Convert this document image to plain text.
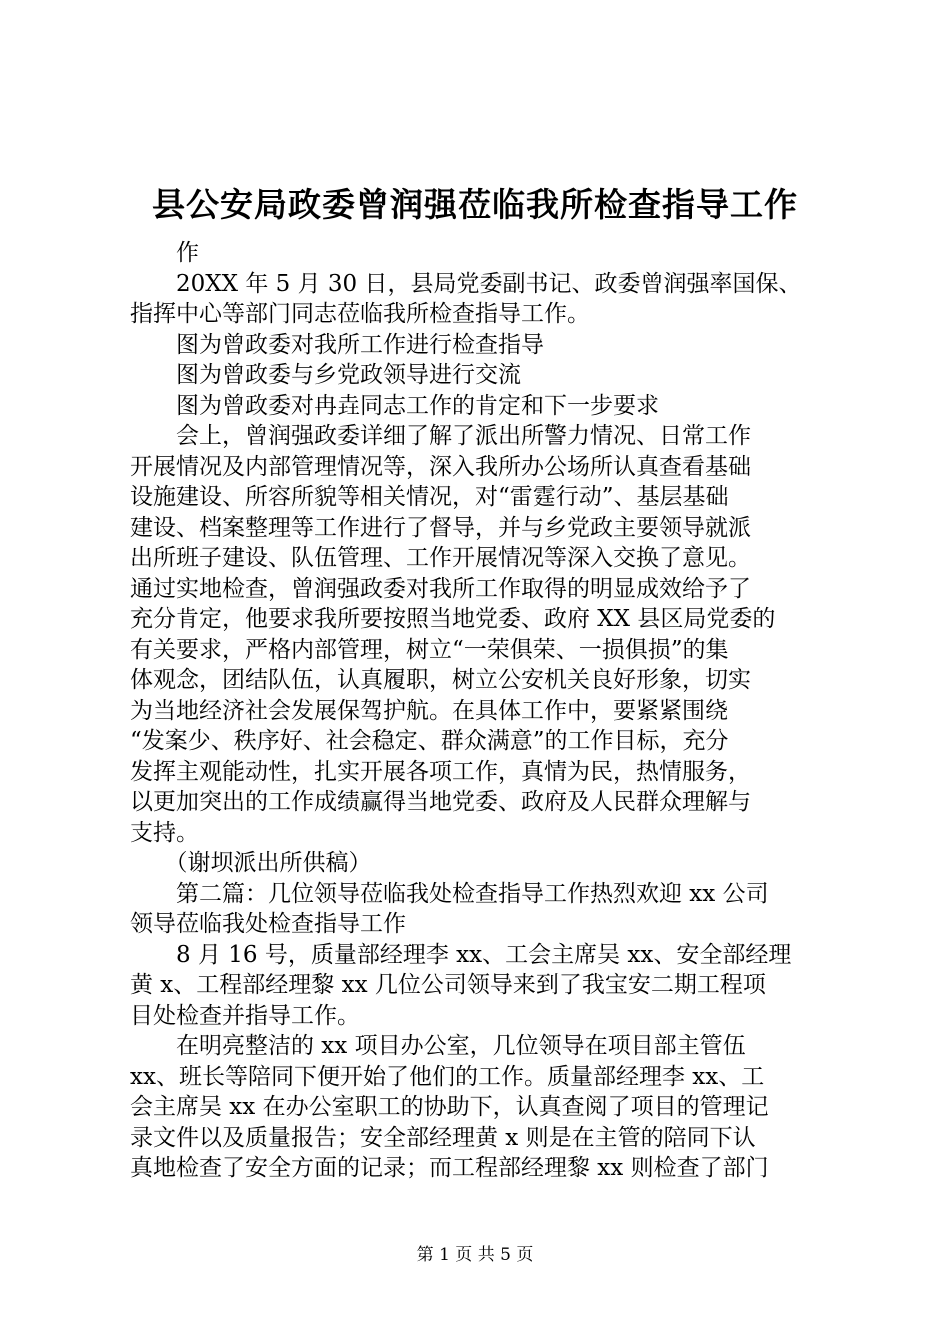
县公安局政委曾润强莅临我所检查指导工作
　　作
　　20XX 年 5 月 30 日，县局党委副书记、政委曾润强率国保、
指挥中心等部门同志莅临我所检查指导工作。
　　图为曾政委对我所工作进行检查指导
　　图为曾政委与乡党政领导进行交流
　　图为曾政委对冉垚同志工作的肯定和下一步要求
　　会上，曾润强政委详细了解了派出所警力情况、日常工作
开展情况及内部管理情况等，深入我所办公场所认真查看基础
设施建设、所容所貌等相关情况，对“雷霆行动”、基层基础
建设、档案整理等工作进行了督导，并与乡党政主要领导就派
出所班子建设、队伍管理、工作开展情况等深入交换了意见。
通过实地检查，曾润强政委对我所工作取得的明显成效给予了
充分肯定，他要求我所要按照当地党委、政府 XX 县区局党委的
有关要求，严格内部管理，树立“一荣俱荣、一损俱损”的集
体观念，团结队伍，认真履职，树立公安机关良好形象，切实
为当地经济社会发展保驾护航。在具体工作中，要紧紧围绕
“发案少、秩序好、社会稳定、群众满意”的工作目标，充分
发挥主观能动性，扎实开展各项工作，真情为民，热情服务，
以更加突出的工作成绩赢得当地党委、政府及人民群众理解与
支持。
　　（谢坝派出所供稿）
　　第二篇：几位领导莅临我处检查指导工作热烈欢迎 xx 公司
领导莅临我处检查指导工作
　　8 月 16 号，质量部经理李 xx、工会主席吴 xx、安全部经理
黄 x、工程部经理黎 xx 几位公司领导来到了我宝安二期工程项
目处检查并指导工作。
　　在明亮整洁的 xx 项目办公室，几位领导在项目部主管伍
xx、班长等陪同下便开始了他们的工作。质量部经理李 xx、工
会主席吴 xx 在办公室职工的协助下，认真查阅了项目的管理记
录文件以及质量报告；安全部经理黄 x 则是在主管的陪同下认
真地检查了安全方面的记录；而工程部经理黎 xx 则检查了部门
第 1 页 共 5 页
